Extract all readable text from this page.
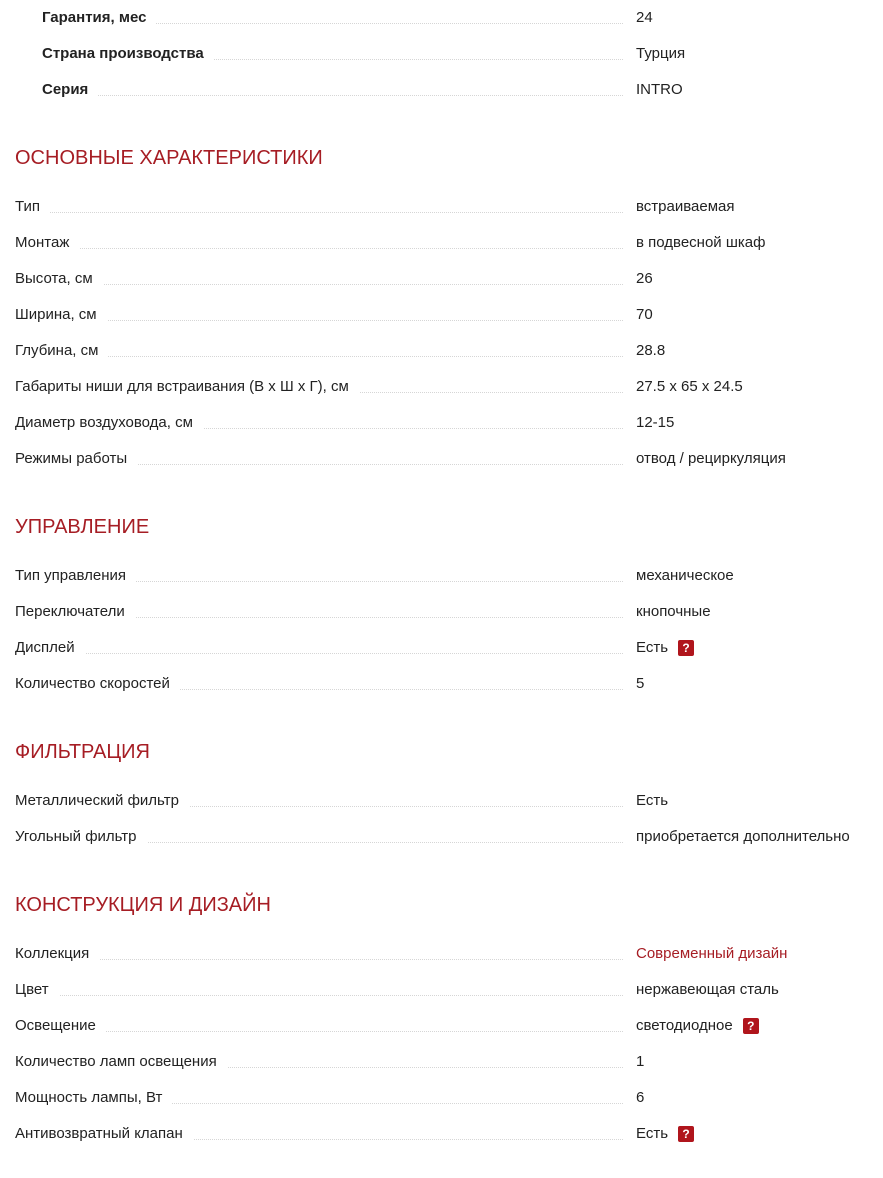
Гарантия, мес	24
Страна производства	Турция
Серия	INTRO
ОСНОВНЫЕ ХАРАКТЕРИСТИКИ
Тип	встраиваемая
Монтаж	в подвесной шкаф
Высота, см	26
Ширина, см	70
Глубина, см	28.8
Габариты ниши для встраивания (В х Ш х Г), см	27.5 x 65 x 24.5
Диаметр воздуховода, см	12-15
Режимы работы	отвод / рециркуляция
УПРАВЛЕНИЕ
Тип управления	механическое
Переключатели	кнопочные
Дисплей	Есть	?
Количество скоростей	5
ФИЛЬТРАЦИЯ
Металлический фильтр	Есть
Угольный фильтр	приобретается дополнительно
КОНСТРУКЦИЯ И ДИЗАЙН
Коллекция	Современный дизайн
Цвет	нержавеющая сталь
Освещение	светодиодное	?
Количество ламп освещения	1
Мощность лампы, Вт	6
Антивозвратный клапан	Есть	?
